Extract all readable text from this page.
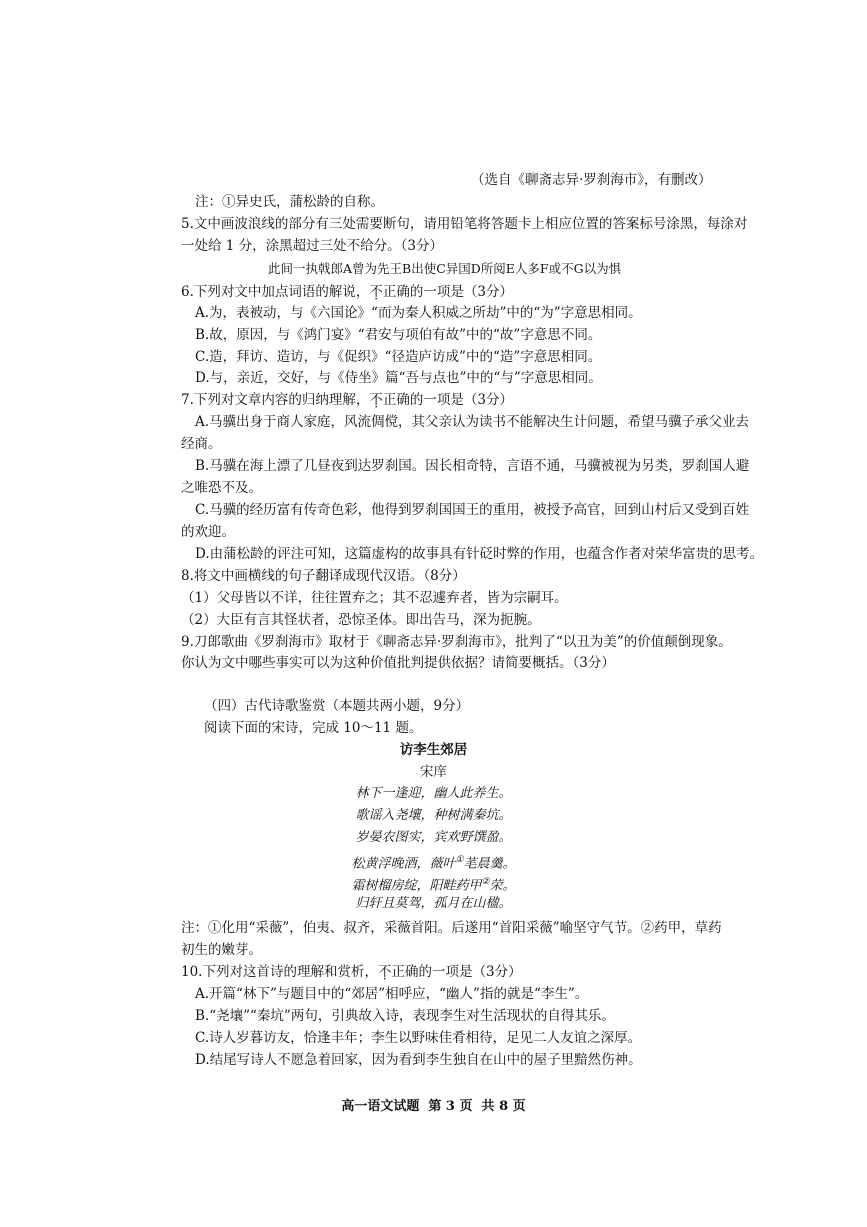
（选自《聊斋志异·罗刹海市》，有删改）
注：①异史氏，蒲松龄的自称。
5.文中画波浪线的部分有三处需要断句，请用铅笔将答题卡上相应位置的答案标号涂黑，每涂对
一处给 1 分，涂黑超过三处不给分。（3分）
此间一执戟郎A曾为先王B出使C异国D所阅E人多F或不G以为惧
6.下列对文中加点词语的解说，不正确的一项是（3分）
A.为，表被动，与《六国论》“而为秦人积威之所劫”中的“为”字意思相同。
B.故，原因，与《鸿门宴》“君安与项伯有故”中的“故”字意思不同。
C.造，拜访、造访，与《促织》“径造庐访成”中的“造”字意思相同。
D.与，亲近，交好，与《侍坐》篇“吾与点也”中的“与”字意思相同。
7.下列对文章内容的归纳理解，不正确的一项是（3分）
A.马骥出身于商人家庭，风流倜傥，其父亲认为读书不能解决生计问题，希望马骥子承父业去
经商。
B.马骥在海上漂了几昼夜到达罗刹国。因长相奇特，言语不通，马骥被视为另类，罗刹国人避
之唯恐不及。
C.马骥的经历富有传奇色彩，他得到罗刹国国王的重用，被授予高官，回到山村后又受到百姓
的欢迎。
D.由蒲松龄的评注可知，这篇虚构的故事具有针砭时弊的作用，也蕴含作者对荣华富贵的思考。
8.将文中画横线的句子翻译成现代汉语。（8分）
（1）父母皆以不详，往往置弃之；其不忍遽弃者，皆为宗嗣耳。
（2）大臣有言其怪状者，恐惊圣体。即出告马，深为扼腕。
9.刀郎歌曲《罗刹海市》取材于《聊斋志异·罗刹海市》，批判了“以丑为美”的价值颠倒现象。
你认为文中哪些事实可以为这种价值批判提供依据？请简要概括。（3分）
（四）古代诗歌鉴赏（本题共两小题，9分）
阅读下面的宋诗，完成 10～11 题。
访李生郊居
宋庠
林下一逢迎，幽人此养生。
歌谣入尧壤，种树满秦坑。
岁晏农图实，宾欢野馔盈。
松黄浮晚酒，薇叶①芼晨羹。
霜树榴房绽，阳畦药甲②荣。
归轩且莫驾，孤月在山楹。
注：①化用“采薇”，伯夷、叔齐，采薇首阳。后遂用“首阳采薇”喻坚守气节。②药甲，草药
初生的嫩芽。
10.下列对这首诗的理解和赏析，不正确的一项是（3分）
A.开篇“林下”与题目中的“郊居”相呼应，“幽人”指的就是“李生”。
B.“尧壤”“秦坑”两句，引典故入诗，表现李生对生活现状的自得其乐。
C.诗人岁暮访友，恰逢丰年；李生以野味佳肴相待，足见二人友谊之深厚。
D.结尾写诗人不愿急着回家，因为看到李生独自在山中的屋子里黯然伤神。
高一语文试题  第 3 页  共 8 页
